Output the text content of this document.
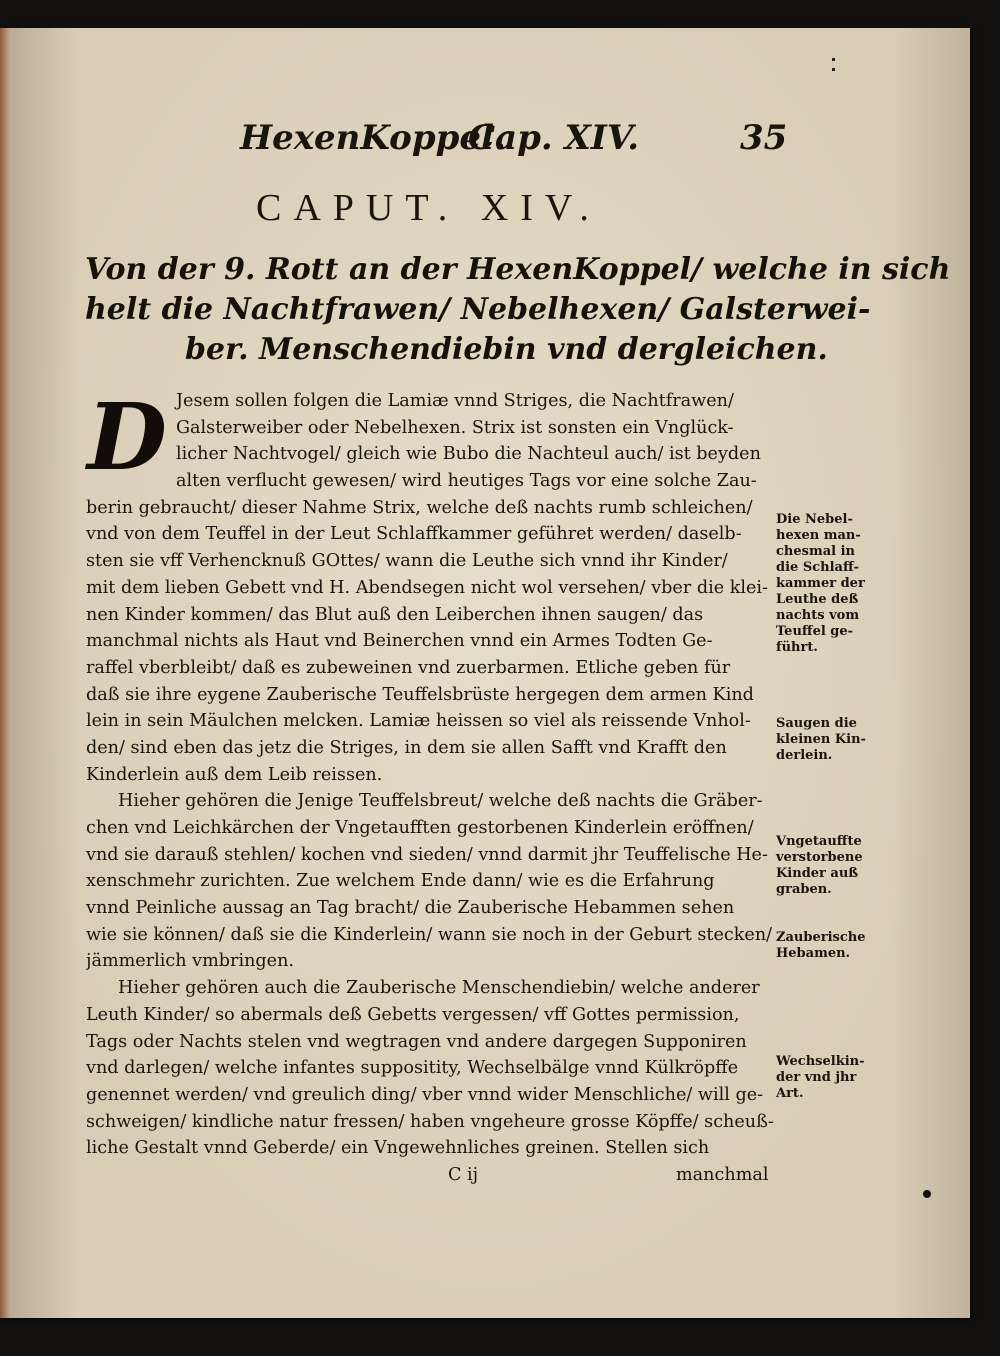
HexenKoppel.
Cap. XIV.	35
CAPUT. XIV.
Von der 9. Rott an der HexenKoppel/ welche in sich
helt die Nachtfrawen/ Nebelhexen/ Galsterwei-
ber. Menschendiebin vnd dergleichen.
D Jesem sollen folgen die Lamiæ vnnd Striges, die Nachtfrawen/
Galsterweiber oder Nebelhexen. Strix ist sonsten ein Vnglück-
licher Nachtvogel/ gleich wie Bubo die Nachteul auch/ ist beyden
alten verflucht gewesen/ wird heutiges Tags vor eine solche Zau-
berin gebraucht/ dieser Nahme Strix, welche deß nachts rumb schleichen/
vnd von dem Teuffel in der Leut Schlaffkammer geführet werden/ daselb-
sten sie vff Verhencknuß GOttes/ wann die Leuthe sich vnnd ihr Kinder/
mit dem lieben Gebett vnd H. Abendsegen nicht wol versehen/ vber die klei-
nen Kinder kommen/ das Blut auß den Leiberchen ihnen saugen/ das
manchmal nichts als Haut vnd Beinerchen vnnd ein Armes Todten Ge-
raffel vberbleibt/ daß es zubeweinen vnd zuerbarmen. Etliche geben für
daß sie ihre eygene Zauberische Teuffelsbrüste hergegen dem armen Kind
lein in sein Mäulchen melcken. Lamiæ heissen so viel als reissende Vnhol-
den/ sind eben das jetz die Striges, in dem sie allen Safft vnd Krafft den
Kinderlein auß dem Leib reissen.
Hieher gehören die Jenige Teuffelsbreut/ welche deß nachts die Gräber-
chen vnd Leichkärchen der Vngetaufften gestorbenen Kinderlein eröffnen/
vnd sie darauß stehlen/ kochen vnd sieden/ vnnd darmit jhr Teuffelische He-
xenschmehr zurichten. Zue welchem Ende dann/ wie es die Erfahrung
vnnd Peinliche aussag an Tag bracht/ die Zauberische Hebammen sehen
wie sie können/ daß sie die Kinderlein/ wann sie noch in der Geburt stecken/
jämmerlich vmbringen.
Hieher gehören auch die Zauberische Menschendiebin/ welche anderer
Leuth Kinder/ so abermals deß Gebetts vergessen/ vff Gottes permission,
Tags oder Nachts stelen vnd wegtragen vnd andere dargegen Supponiren
vnd darlegen/ welche infantes suppositity, Wechselbälge vnnd Külkröpffe
genennet werden/ vnd greulich ding/ vber vnnd wider Menschliche/ will ge-
schweigen/ kindliche natur fressen/ haben vngeheure grosse Köpffe/ scheuß-
liche Gestalt vnnd Geberde/ ein Vngewehnliches greinen. Stellen sich
C ij	manchmal
Die Nebel-
hexen man-
chesmal in
die Schlaff-
kammer der
Leuthe deß
nachts vom
Teuffel ge-
führt.
Saugen die
kleinen Kin-
derlein.
Vngetauffte
verstorbene
Kinder auß
graben.
Zauberische
Hebamen.
Wechselkin-
der vnd jhr
Art.
